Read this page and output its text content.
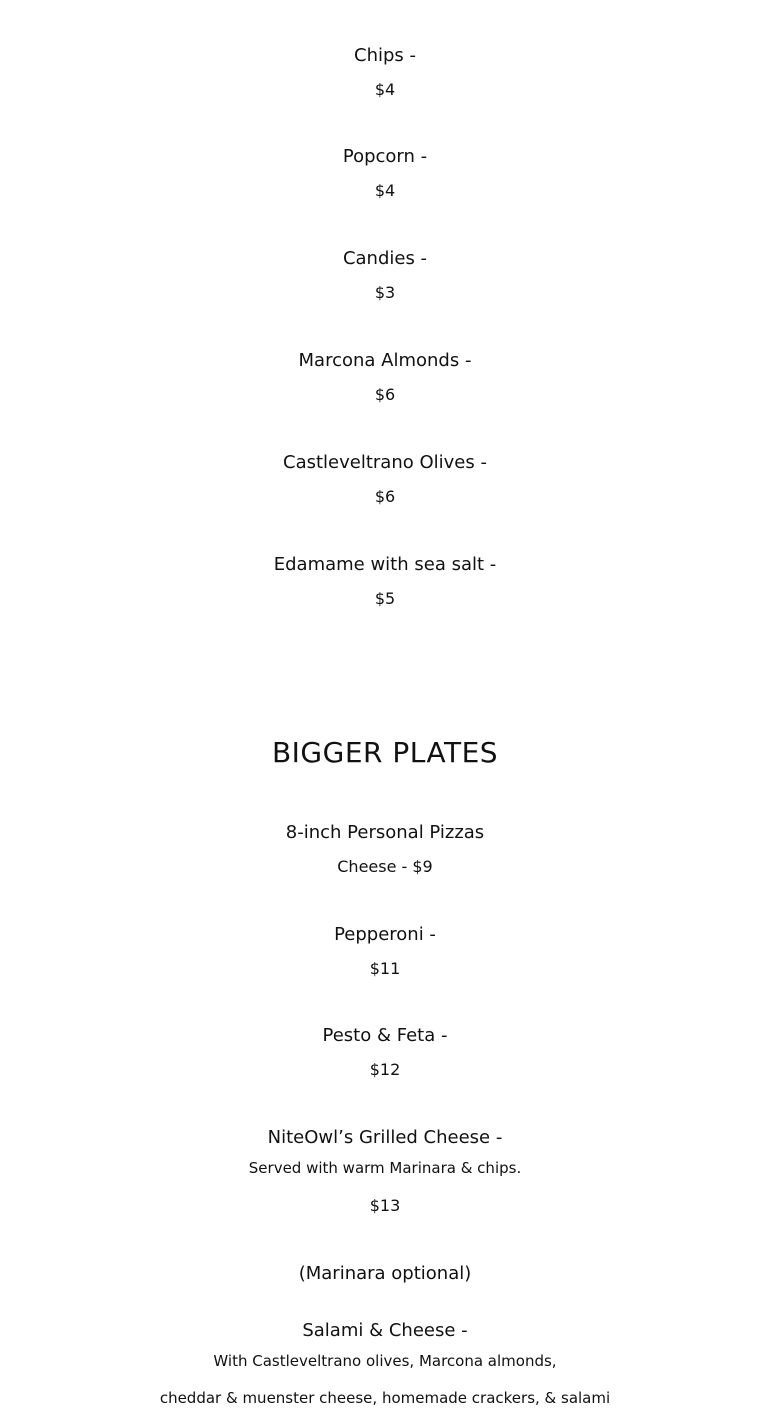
Chips -
$4
Popcorn -
$4
Candies -
$3
Marcona Almonds -
$6
Castleveltrano Olives -
$6
Edamame with sea salt -
$5
BIGGER PLATES
8-inch Personal Pizzas
Cheese - $9
Pepperoni -
$11
Pesto & Feta -
$12
NiteOwl’s Grilled Cheese -
Served with warm Marinara & chips.
$13
(Marinara optional)
Salami & Cheese -
With Castleveltrano olives, Marcona almonds,
cheddar & muenster cheese, homemade crackers, & salami
